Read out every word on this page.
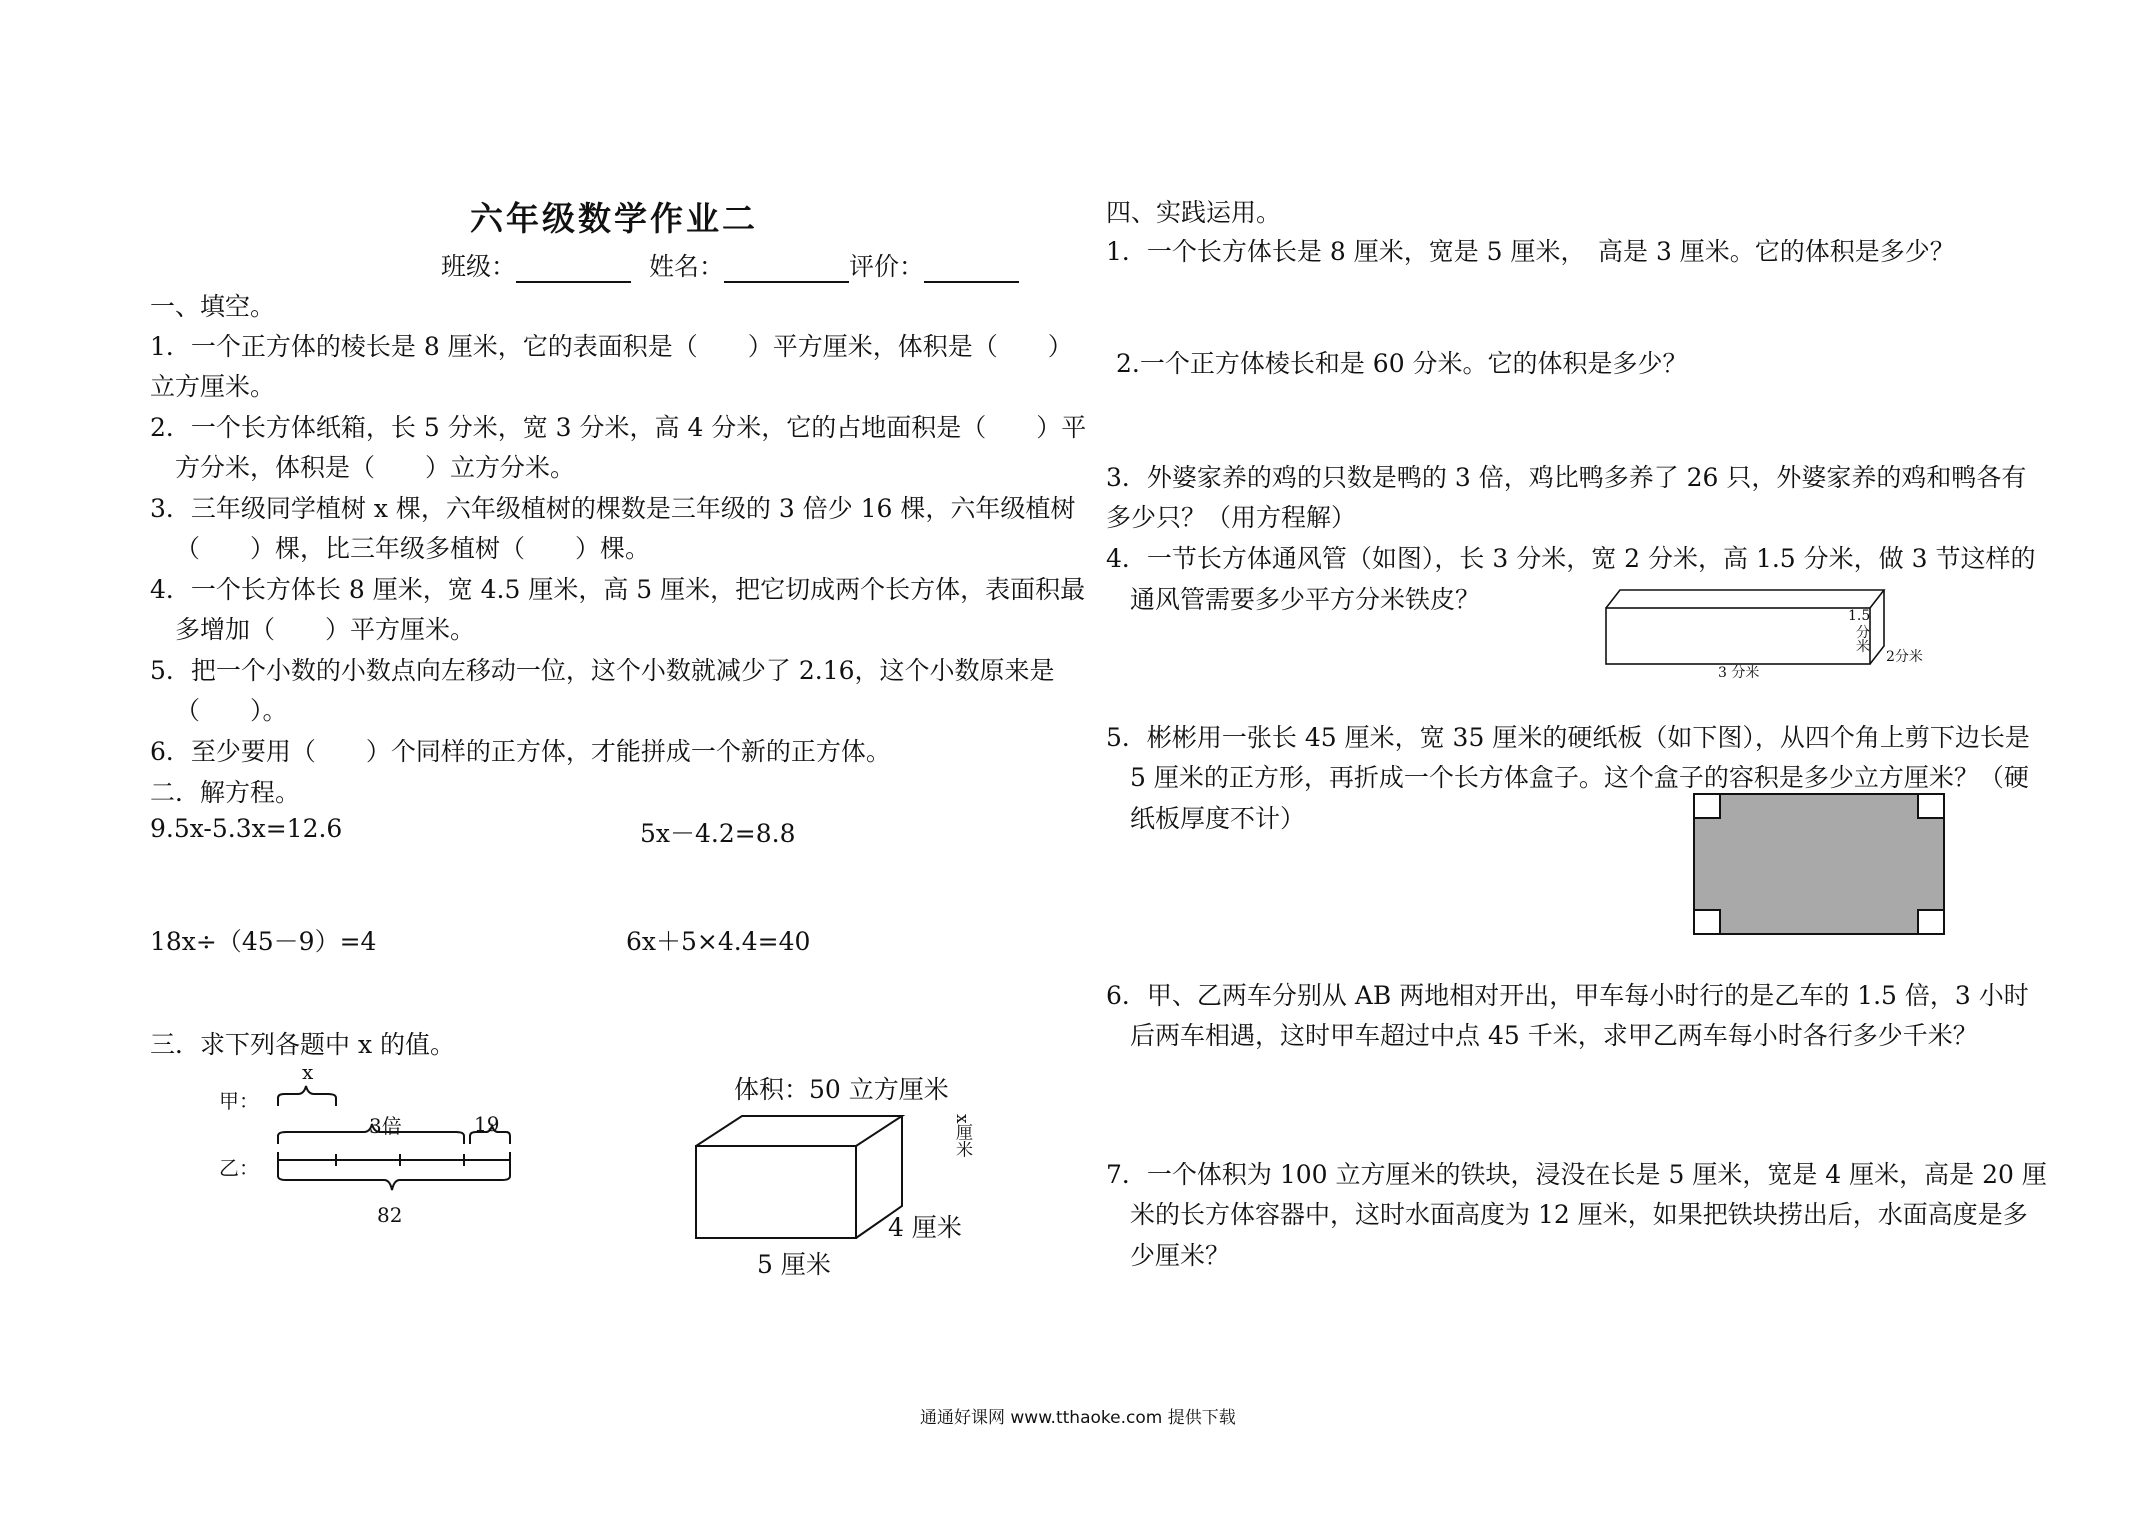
六年级数学作业二
班级：	姓名：	评价：
一、填空。
1．一个正方体的棱长是 8 厘米，它的表面积是（　　）平方厘米，体积是（　　）
立方厘米。
2．一个长方体纸箱，长 5 分米，宽 3 分米，高 4 分米，它的占地面积是（　　）平
方分米，体积是（　　）立方分米。
3．三年级同学植树 x 棵，六年级植树的棵数是三年级的 3 倍少 16 棵，六年级植树
（　　）棵，比三年级多植树（　　）棵。
4．一个长方体长 8 厘米，宽 4.5 厘米，高 5 厘米，把它切成两个长方体，表面积最
多增加（　　）平方厘米。
5．把一个小数的小数点向左移动一位，这个小数就减少了 2.16，这个小数原来是
（　　）。
6．至少要用（　　）个同样的正方体，才能拼成一个新的正方体。
二．解方程。
9.5x-5.3x=12.6	5x－4.2=8.8
18x÷（45－9）=4	6x＋5×4.4=40
三．求下列各题中 x 的值。
甲：
乙：
x
3倍	19
82
体积：50 立方厘米
x厘米
4 厘米
5 厘米
四、实践运用。
1．一个长方体长是 8 厘米，宽是 5 厘米，　高是 3 厘米。它的体积是多少？
2.一个正方体棱长和是 60 分米。它的体积是多少？
3．外婆家养的鸡的只数是鸭的 3 倍，鸡比鸭多养了 26 只，外婆家养的鸡和鸭各有
多少只？（用方程解）
4．一节长方体通风管（如图），长 3 分米，宽 2 分米，高 1.5 分米，做 3 节这样的
通风管需要多少平方分米铁皮？
1.5
分
米
2分米
3 分米
5．彬彬用一张长 45 厘米，宽 35 厘米的硬纸板（如下图），从四个角上剪下边长是
5 厘米的正方形，再折成一个长方体盒子。这个盒子的容积是多少立方厘米？（硬
纸板厚度不计）
6．甲、乙两车分别从 AB 两地相对开出，甲车每小时行的是乙车的 1.5 倍，3 小时
后两车相遇，这时甲车超过中点 45 千米，求甲乙两车每小时各行多少千米？
7．一个体积为 100 立方厘米的铁块，浸没在长是 5 厘米，宽是 4 厘米，高是 20 厘
米的长方体容器中，这时水面高度为 12 厘米，如果把铁块捞出后，水面高度是多
少厘米？
通通好课网 www.tthaoke.com 提供下载
